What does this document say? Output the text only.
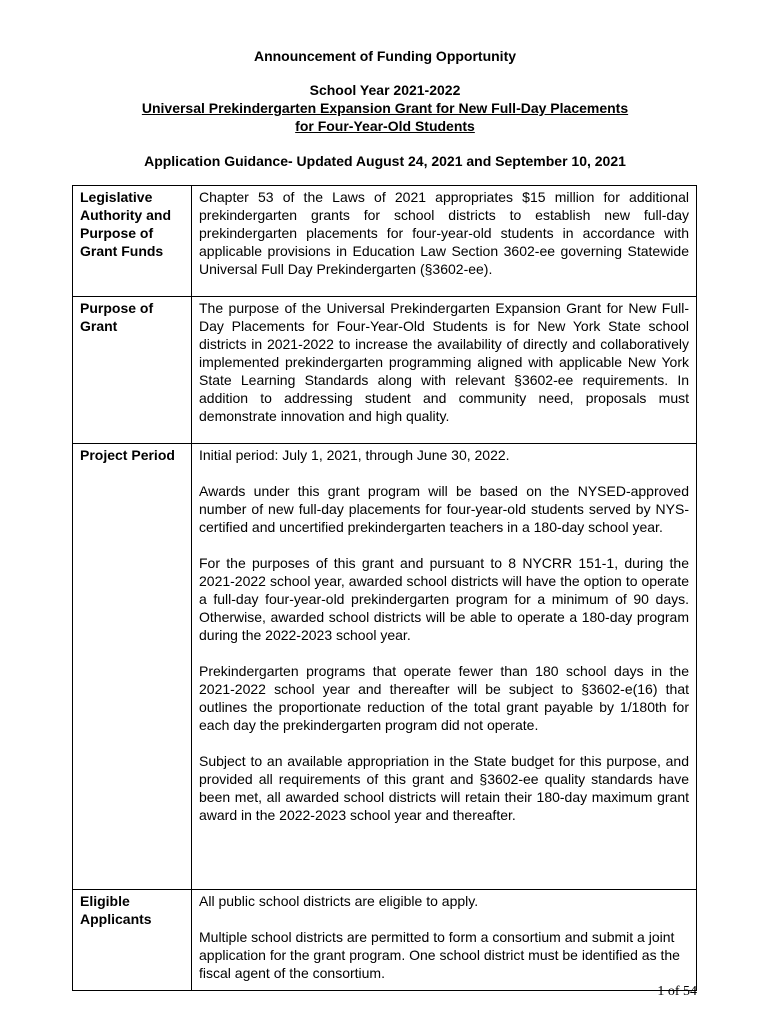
Announcement of Funding Opportunity
School Year 2021-2022
Universal Prekindergarten Expansion Grant for New Full-Day Placements
for Four-Year-Old Students
Application Guidance- Updated August 24, 2021 and September 10, 2021
Legislative Authority and Purpose of Grant Funds	Chapter 53 of the Laws of 2021 appropriates $15 million for additional prekindergarten grants for school districts to establish new full-day prekindergarten placements for four-year-old students in accordance with applicable provisions in Education Law Section 3602-ee governing Statewide Universal Full Day Prekindergarten (§3602-ee).

Purpose of Grant	The purpose of the Universal Prekindergarten Expansion Grant for New Full-Day Placements for Four-Year-Old Students is for New York State school districts in 2021-2022 to increase the availability of directly and collaboratively implemented prekindergarten programming aligned with applicable New York State Learning Standards along with relevant §3602-ee requirements. In addition to addressing student and community need, proposals must demonstrate innovation and high quality.

Project Period	Initial period: July 1, 2021, through June 30, 2022.

Awards under this grant program will be based on the NYSED-approved number of new full-day placements for four-year-old students served by NYS-certified and uncertified prekindergarten teachers in a 180-day school year.

For the purposes of this grant and pursuant to 8 NYCRR 151-1, during the 2021-2022 school year, awarded school districts will have the option to operate a full-day four-year-old prekindergarten program for a minimum of 90 days. Otherwise, awarded school districts will be able to operate a 180-day program during the 2022-2023 school year.

Prekindergarten programs that operate fewer than 180 school days in the 2021-2022 school year and thereafter will be subject to §3602-e(16) that outlines the proportionate reduction of the total grant payable by 1/180th for each day the prekindergarten program did not operate.

Subject to an available appropriation in the State budget for this purpose, and provided all requirements of this grant and §3602-ee quality standards have been met, all awarded school districts will retain their 180-day maximum grant award in the 2022-2023 school year and thereafter.

Eligible Applicants	All public school districts are eligible to apply.

Multiple school districts are permitted to form a consortium and submit a joint application for the grant program. One school district must be identified as the fiscal agent of the consortium.

1 of 54
